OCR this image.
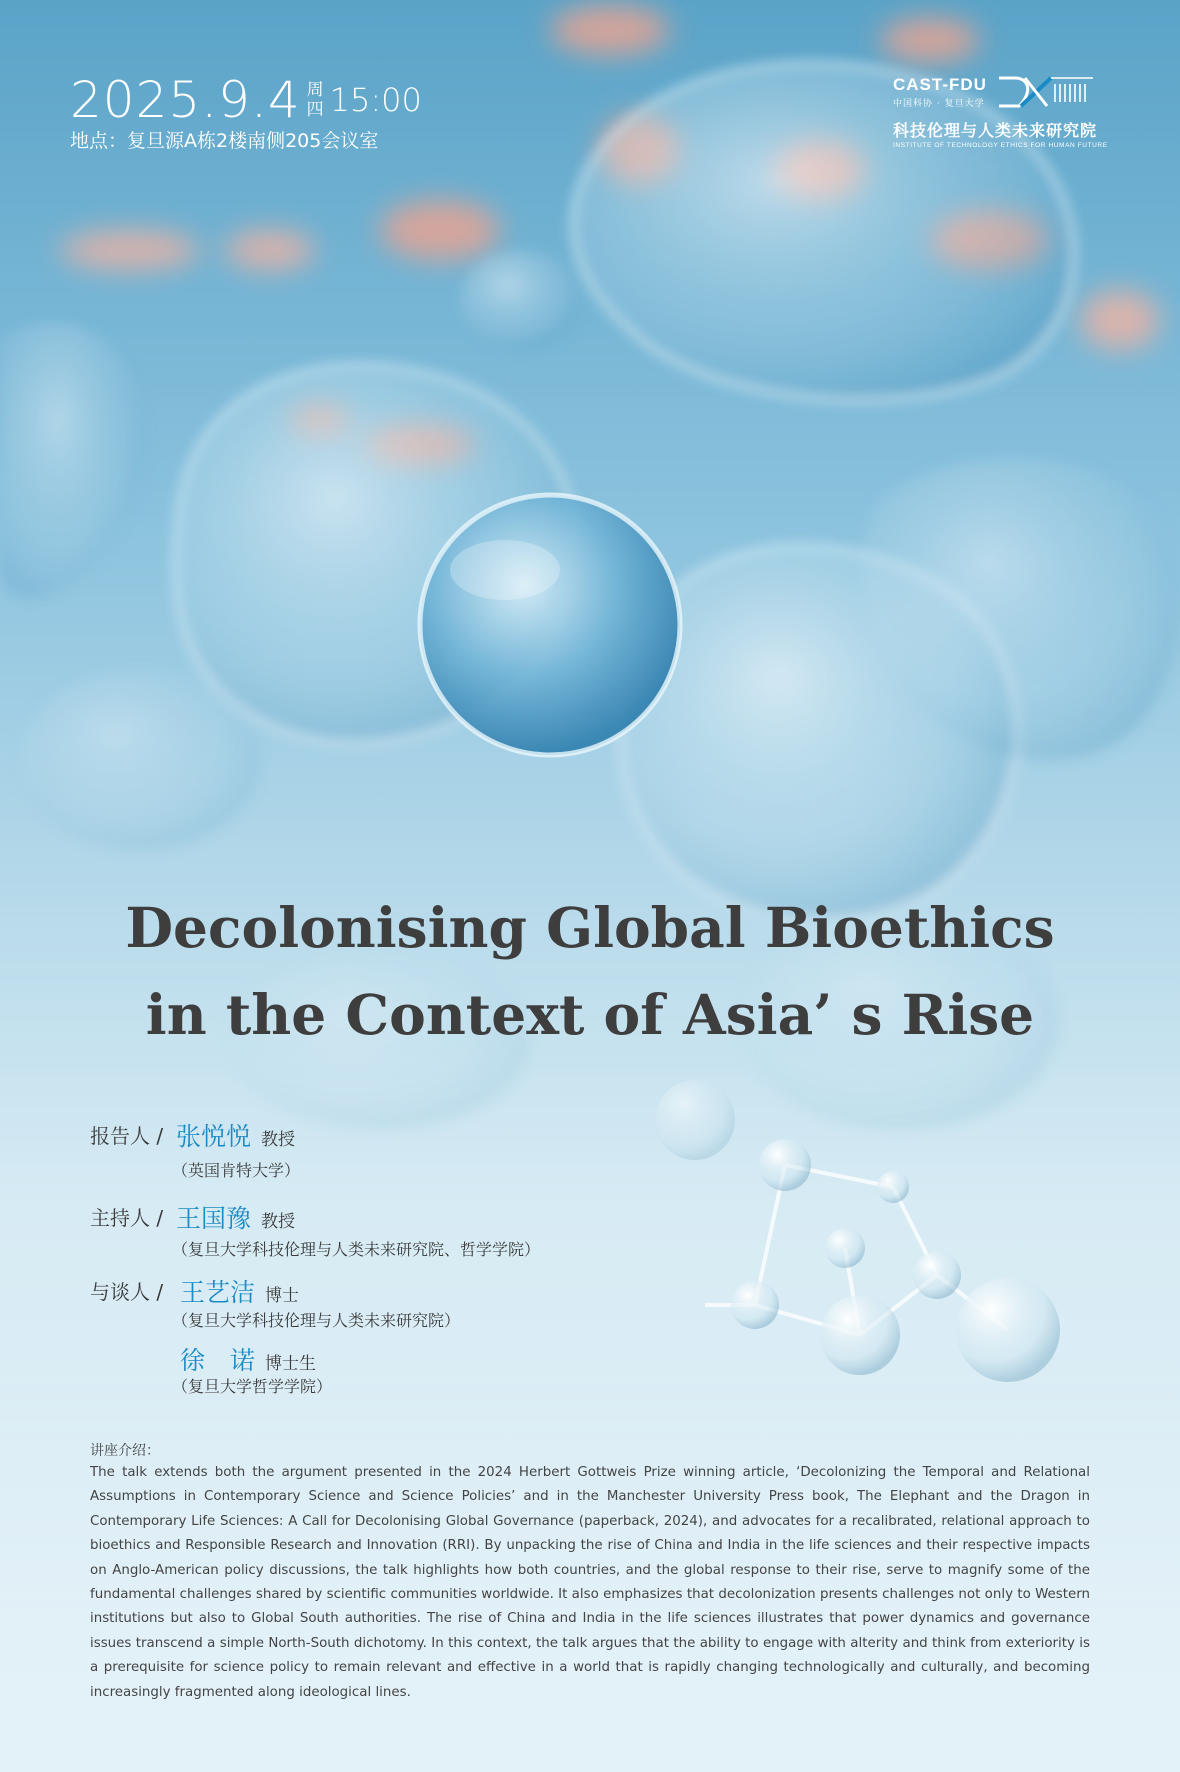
2025.9.4 周
四 15:00
地点：复旦源A栋2楼南侧205会议室
CAST-FDU
中国科协 · 复旦大学
科技伦理与人类未来研究院
INSTITUTE OF TECHNOLOGY ETHICS FOR HUMAN FUTURE
Decolonising Global Bioethics
in the Context of Asia’ s Rise
报告人 / 张悦悦 教授
（英国肯特大学）
主持人 / 王国豫 教授
（复旦大学科技伦理与人类未来研究院、哲学学院）
与谈人 / 王艺洁 博士
（复旦大学科技伦理与人类未来研究院）
徐　诺 博士生
（复旦大学哲学学院）
讲座介绍：
The talk extends both the argument presented in the 2024 Herbert Gottweis Prize winning article, ‘Decolonizing the Temporal and Relational Assumptions in Contemporary Science and Science Policies’ and in the Manchester University Press book, The Elephant and the Dragon in Contemporary Life Sciences: A Call for Decolonising Global Governance (paperback, 2024), and advocates for a recalibrated, relational approach to bioethics and Responsible Research and Innovation (RRI). By unpacking the rise of China and India in the life sciences and their respective impacts on Anglo-American policy discussions, the talk highlights how both countries, and the global response to their rise, serve to magnify some of the fundamental challenges shared by scientific communities worldwide. It also emphasizes that decolonization presents challenges not only to Western institutions but also to Global South authorities. The rise of China and India in the life sciences illustrates that power dynamics and governance issues transcend a simple North-South dichotomy. In this context, the talk argues that the ability to engage with alterity and think from exteriority is a prerequisite for science policy to remain relevant and effective in a world that is rapidly changing technologically and culturally, and becoming increasingly fragmented along ideological lines.
